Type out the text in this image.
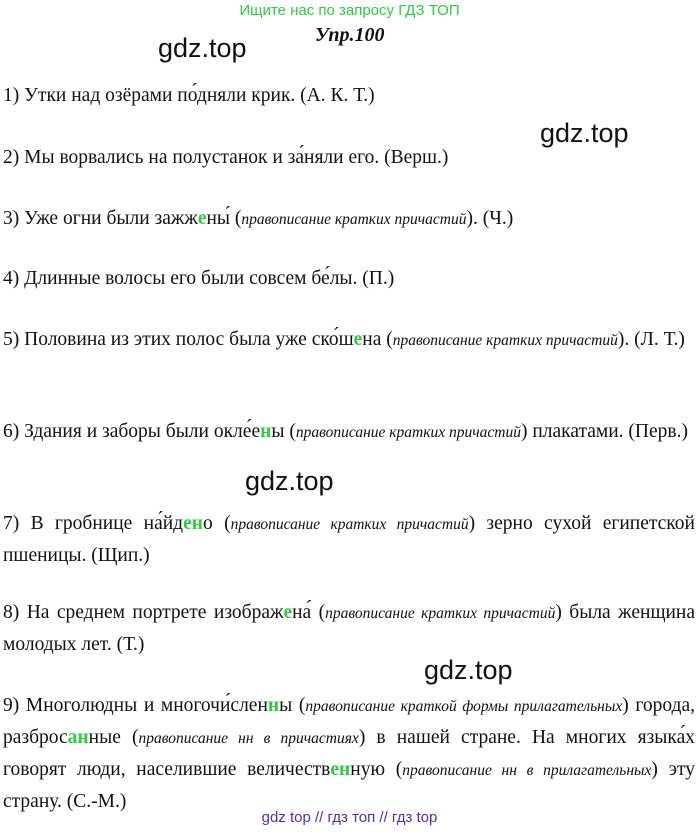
Ищите нас по запросу ГДЗ ТОП
Упр.100
gdz.top
gdz.top
gdz.top
gdz.top
1) Утки над озёрами по́дняли крик. (А. К. Т.)
2) Мы ворвались на полустанок и за́няли его. (Верш.)
3) Уже огни были зажжены́ (правописание кратких причастий). (Ч.)
4) Длинные волосы его были совсем бе́лы. (П.)
5) Половина из этих полос была уже ско́шена (правописание кратких причастий). (Л. Т.)
6) Здания и заборы были окле́ены (правописание кратких причастий) плакатами. (Перв.)
7) В гробнице на́йдено (правописание кратких причастий) зерно сухой египетской пшеницы. (Щип.)
8) На среднем портрете изображена́ (правописание кратких причастий) была женщина молодых лет. (Т.)
9) Многолюдны и многочи́сленны (правописание краткой формы прилагательных) города, разбросанные (правописание нн в причастиях) в нашей стране. На многих языка́х говорят люди, населившие величественную (правописание нн в прилагательных) эту страну. (С.-М.)
gdz top // гдз топ // гдз top
